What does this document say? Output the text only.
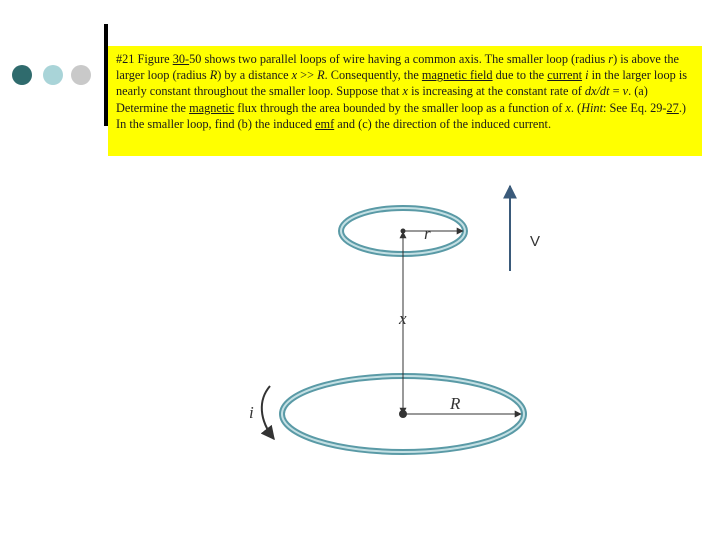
#21 Figure 30-50 shows two parallel loops of wire having a common axis. The smaller loop (radius r) is above the larger loop (radius R) by a distance x >> R. Consequently, the magnetic field due to the current i in the larger loop is nearly constant throughout the smaller loop. Suppose that x is increasing at the constant rate of dx/dt = v. (a) Determine the magnetic flux through the area bounded by the smaller loop as a function of x. (Hint: See Eq. 29-27.) In the smaller loop, find (b) the induced emf and (c) the direction of the induced current.
r
x
R
i
V
